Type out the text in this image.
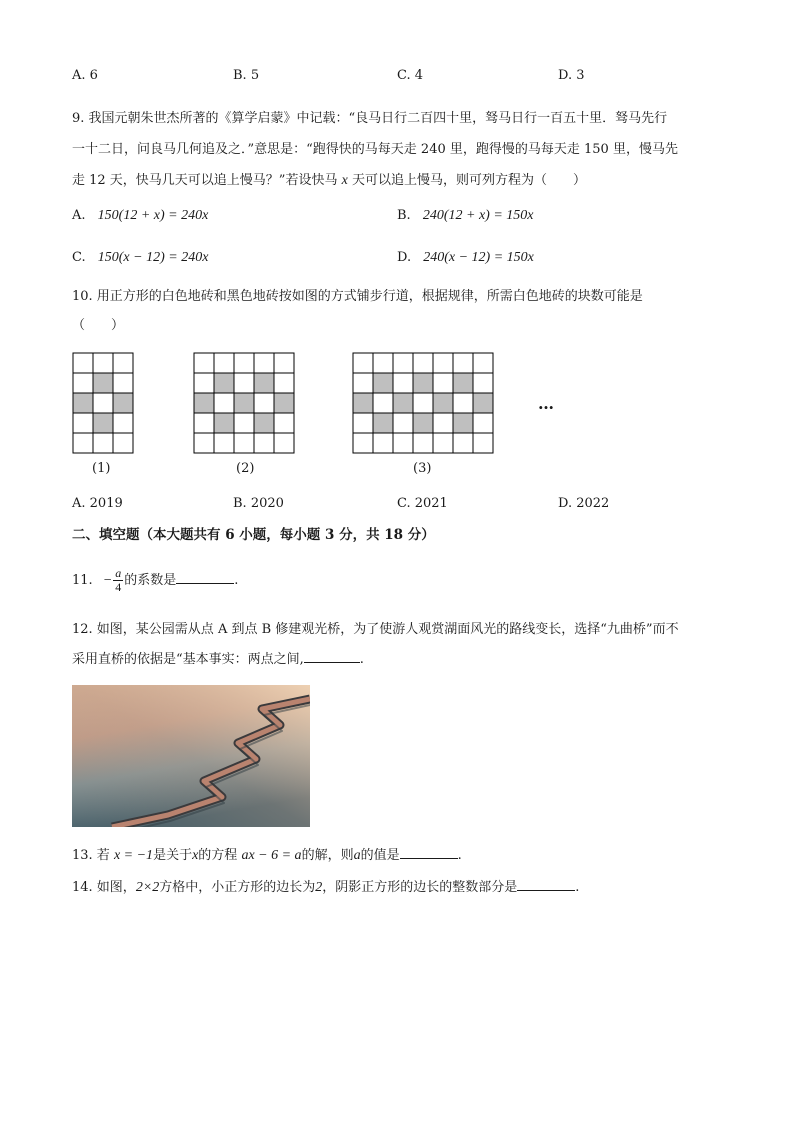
A. 6	B. 5	C. 4	D. 3
9. 我国元朝朱世杰所著的《算学启蒙》中记载：“良马日行二百四十里，驽马日行一百五十里．驽马先行
一十二日，问良马几何追及之．”意思是：“跑得快的马每天走 240 里，跑得慢的马每天走 150 里，慢马先
走 12 天，快马几天可以追上慢马？”若设快马 x 天可以追上慢马，则可列方程为（　　）
A. 150(12 + x) = 240x	B. 240(12 + x) = 150x
C. 150(x − 12) = 240x	D. 240(x − 12) = 150x
10. 用正方形的白色地砖和黑色地砖按如图的方式铺步行道，根据规律，所需白色地砖的块数可能是
（　　）
…
(1)	(2)	(3)
A. 2019	B. 2020	C. 2021	D. 2022
二、填空题（本大题共有 6 小题，每小题 3 分，共 18 分）
11. − $\frac{a}{4}$ 的系数是	.
12. 如图，某公园需从点 A 到点 B 修建观光桥，为了使游人观赏湖面风光的路线变长，选择“九曲桥”而不
采用直桥的依据是“基本事实：两点之间,	.
13. 若 x = −1是关于x的方程 ax − 6 = a的解，则a的值是	.
14. 如图，2×2方格中，小正方形的边长为2，阴影正方形的边长的整数部分是	.
